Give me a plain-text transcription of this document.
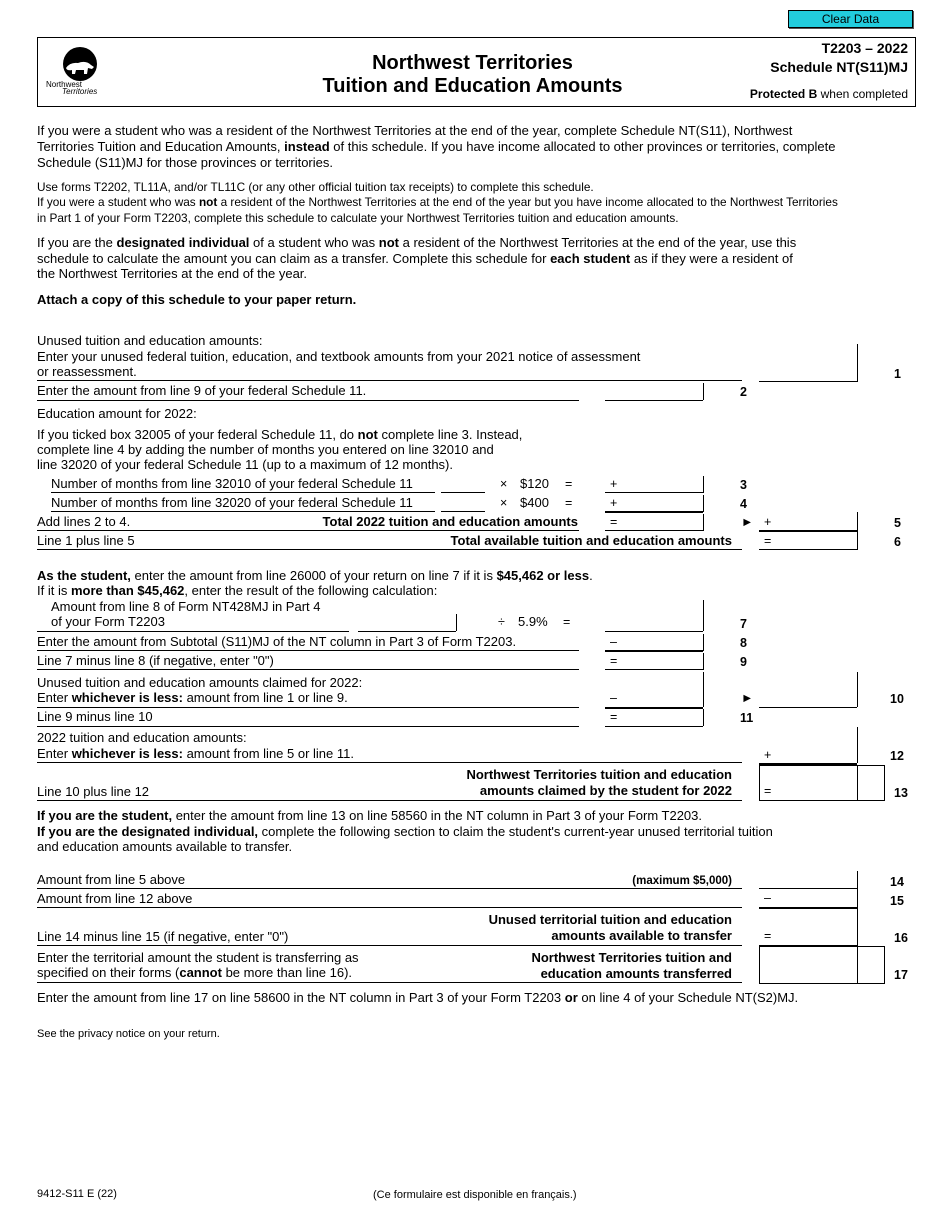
Clear Data
Northwest
Territories
Northwest Territories
Tuition and Education Amounts
T2203 – 2022
Schedule NT(S11)MJ
Protected B when completed
If you were a student who was a resident of the Northwest Territories at the end of the year, complete Schedule NT(S11), Northwest
Territories Tuition and Education Amounts, instead of this schedule. If you have income allocated to other provinces or territories, complete
Schedule (S11)MJ for those provinces or territories.
Use forms T2202, TL11A, and/or TL11C (or any other official tuition tax receipts) to complete this schedule.
If you were a student who was not a resident of the Northwest Territories at the end of the year but you have income allocated to the Northwest Territories
in Part 1 of your Form T2203, complete this schedule to calculate your Northwest Territories tuition and education amounts.
If you are the designated individual of a student who was not a resident of the Northwest Territories at the end of the year, use this
schedule to calculate the amount you can claim as a transfer. Complete this schedule for each student as if they were a resident of
the Northwest Territories at the end of the year.
Attach a copy of this schedule to your paper return.
Unused tuition and education amounts:
Enter your unused federal tuition, education, and textbook amounts from your 2021 notice of assessment
or reassessment.	1
Enter the amount from line 9 of your federal Schedule 11.	2
Education amount for 2022:
If you ticked box 32005 of your federal Schedule 11, do not complete line 3. Instead,
complete line 4 by adding the number of months you entered on line 32010 and
line 32020 of your federal Schedule 11 (up to a maximum of 12 months).
Number of months from line 32010 of your federal Schedule 11	× $120 =	+	3
Number of months from line 32020 of your federal Schedule 11	× $400 =	+	4
Add lines 2 to 4.	Total 2022 tuition and education amounts	=	► +	5
Line 1 plus line 5	Total available tuition and education amounts	=	6
As the student, enter the amount from line 26000 of your return on line 7 if it is $45,462 or less.
If it is more than $45,462, enter the result of the following calculation:
Amount from line 8 of Form NT428MJ in Part 4
of your Form T2203	÷ 5.9% =	7
Enter the amount from Subtotal (S11)MJ of the NT column in Part 3 of Form T2203.	–	8
Line 7 minus line 8 (if negative, enter "0")	=	9
Unused tuition and education amounts claimed for 2022:
Enter whichever is less: amount from line 1 or line 9.	–	►	10
Line 9 minus line 10	=	11
2022 tuition and education amounts:
Enter whichever is less: amount from line 5 or line 11.	+	12
Line 10 plus line 12
Northwest Territories tuition and education
amounts claimed by the student for 2022	=	13
If you are the student, enter the amount from line 13 on line 58560 in the NT column in Part 3 of your Form T2203.
If you are the designated individual, complete the following section to claim the student's current-year unused territorial tuition
and education amounts available to transfer.
Amount from line 5 above	(maximum $5,000)	14
Amount from line 12 above	–	15
Line 14 minus line 15 (if negative, enter "0")
Unused territorial tuition and education
amounts available to transfer	=	16
Enter the territorial amount the student is transferring as
specified on their forms (cannot be more than line 16).
Northwest Territories tuition and
education amounts transferred	17
Enter the amount from line 17 on line 58600 in the NT column in Part 3 of your Form T2203 or on line 4 of your Schedule NT(S2)MJ.
See the privacy notice on your return.
9412-S11 E (22)	(Ce formulaire est disponible en français.)
